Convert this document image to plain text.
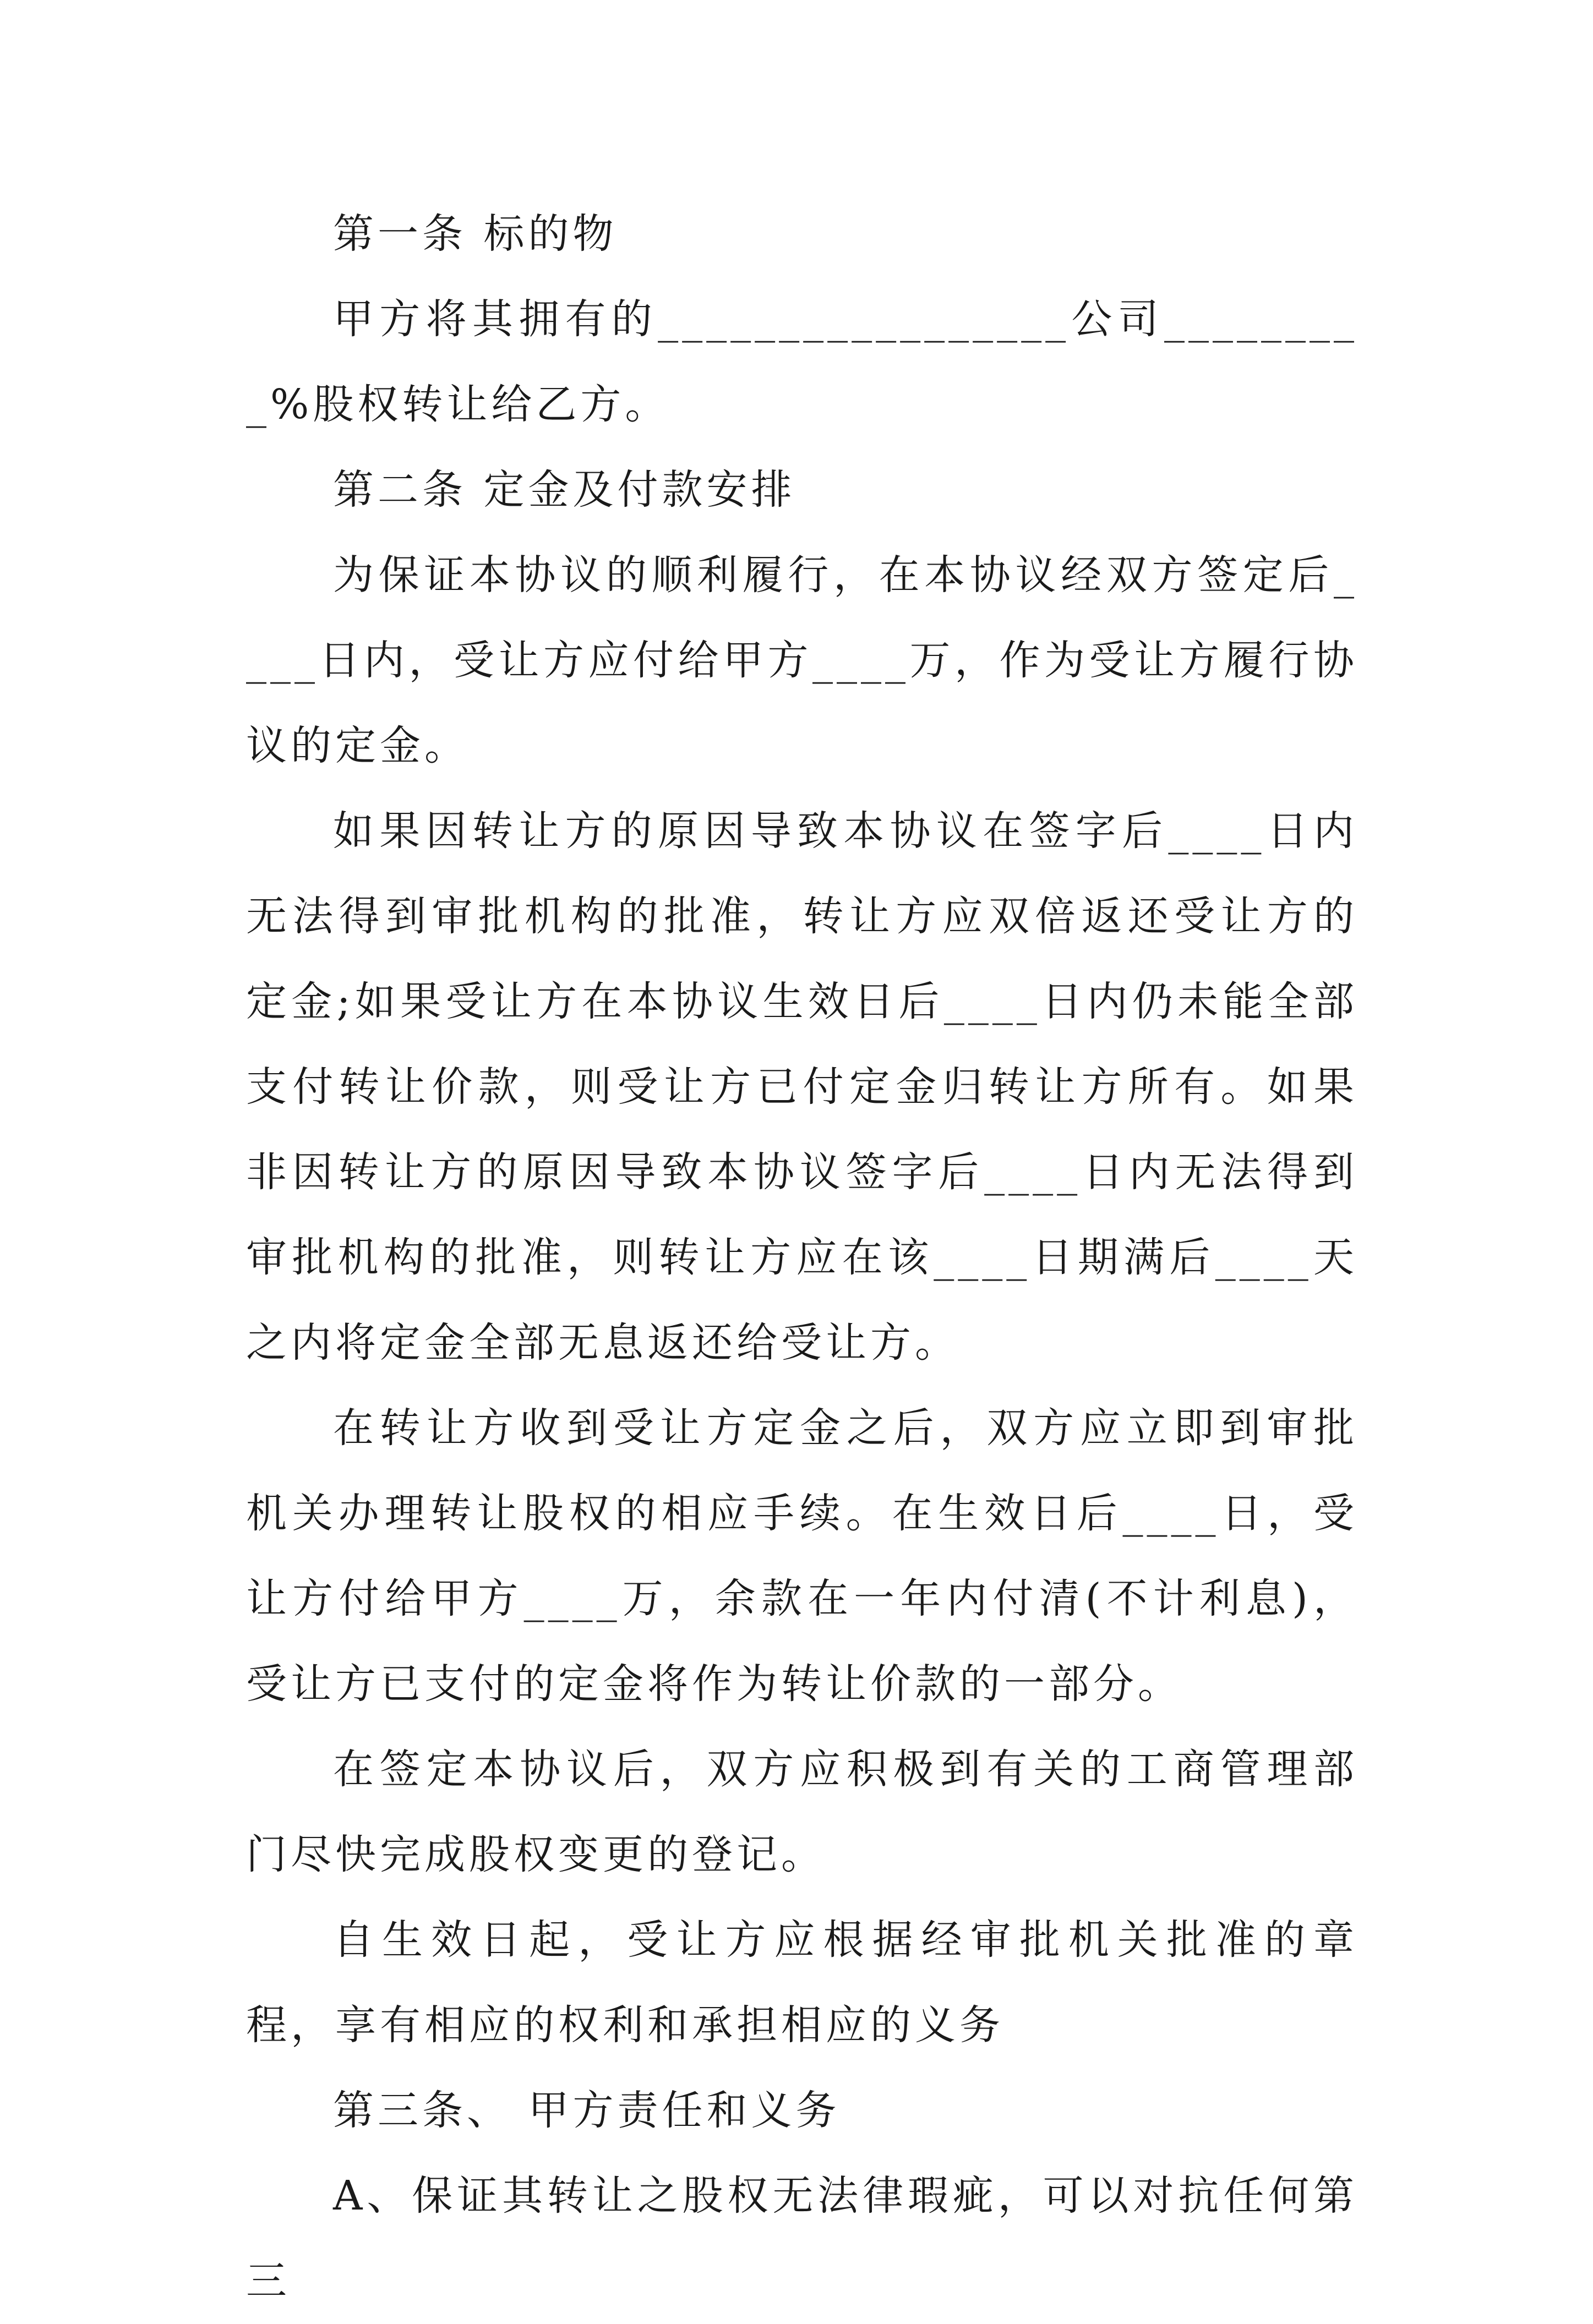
第一条 标的物

甲方将其拥有的_________________公司_________%股权转让给乙方。

第二条 定金及付款安排

为保证本协议的顺利履行，在本协议经双方签定后____日内，受让方应付给甲方____万，作为受让方履行协议的定金。

如果因转让方的原因导致本协议在签字后____日内无法得到审批机构的批准，转让方应双倍返还受让方的定金;如果受让方在本协议生效日后____日内仍未能全部支付转让价款，则受让方已付定金归转让方所有。如果非因转让方的原因导致本协议签字后____日内无法得到审批机构的批准，则转让方应在该____日期满后____天之内将定金全部无息返还给受让方。

在转让方收到受让方定金之后，双方应立即到审批机关办理转让股权的相应手续。在生效日后____日，受让方付给甲方____万，余款在一年内付清(不计利息)，受让方已支付的定金将作为转让价款的一部分。

在签定本协议后，双方应积极到有关的工商管理部门尽快完成股权变更的登记。

自生效日起，受让方应根据经审批机关批准的章程，享有相应的权利和承担相应的义务

第三条、 甲方责任和义务

A、保证其转让之股权无法律瑕疵，可以对抗任何第三
